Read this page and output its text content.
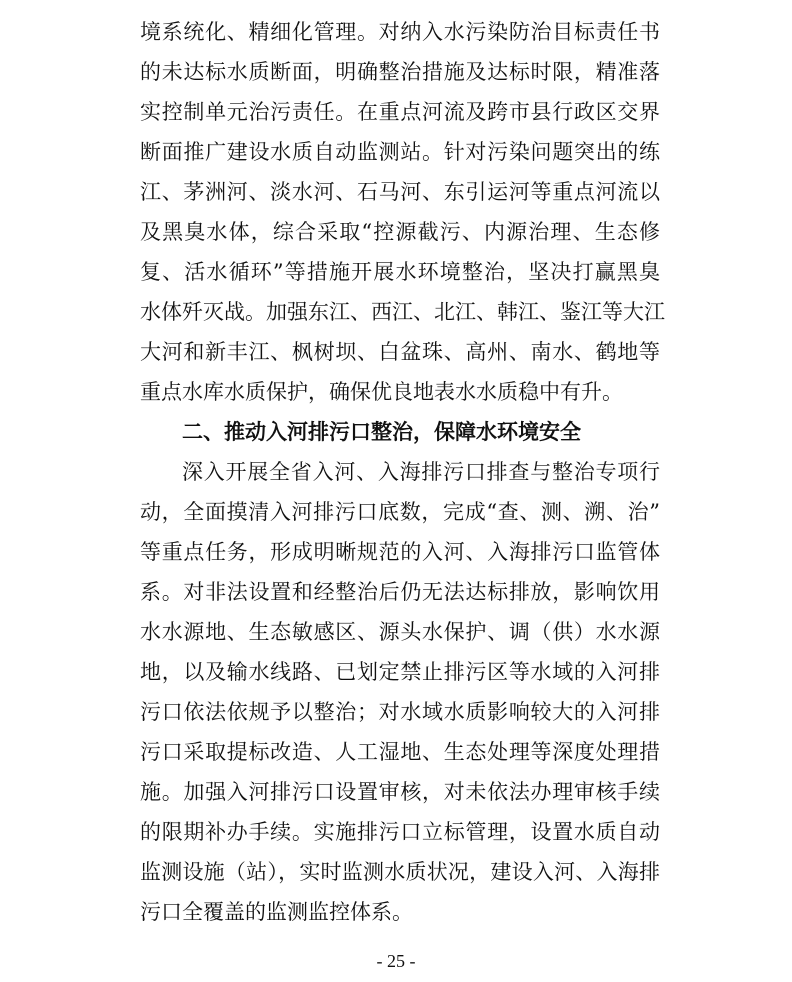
境系统化、精细化管理。对纳入水污染防治目标责任书
的未达标水质断面，明确整治措施及达标时限，精准落
实控制单元治污责任。在重点河流及跨市县行政区交界
断面推广建设水质自动监测站。针对污染问题突出的练
江、茅洲河、淡水河、石马河、东引运河等重点河流以
及黑臭水体，综合采取“控源截污、内源治理、生态修
复、活水循环”等措施开展水环境整治，坚决打赢黑臭
水体歼灭战。加强东江、西江、北江、韩江、鉴江等大江
大河和新丰江、枫树坝、白盆珠、高州、南水、鹤地等
重点水库水质保护，确保优良地表水水质稳中有升。
二、推动入河排污口整治，保障水环境安全
深入开展全省入河、入海排污口排查与整治专项行
动，全面摸清入河排污口底数，完成“查、测、溯、治”
等重点任务，形成明晰规范的入河、入海排污口监管体
系。对非法设置和经整治后仍无法达标排放，影响饮用
水水源地、生态敏感区、源头水保护、调（供）水水源
地，以及输水线路、已划定禁止排污区等水域的入河排
污口依法依规予以整治；对水域水质影响较大的入河排
污口采取提标改造、人工湿地、生态处理等深度处理措
施。加强入河排污口设置审核，对未依法办理审核手续
的限期补办手续。实施排污口立标管理，设置水质自动
监测设施（站），实时监测水质状况，建设入河、入海排
污口全覆盖的监测监控体系。
- 25 -
